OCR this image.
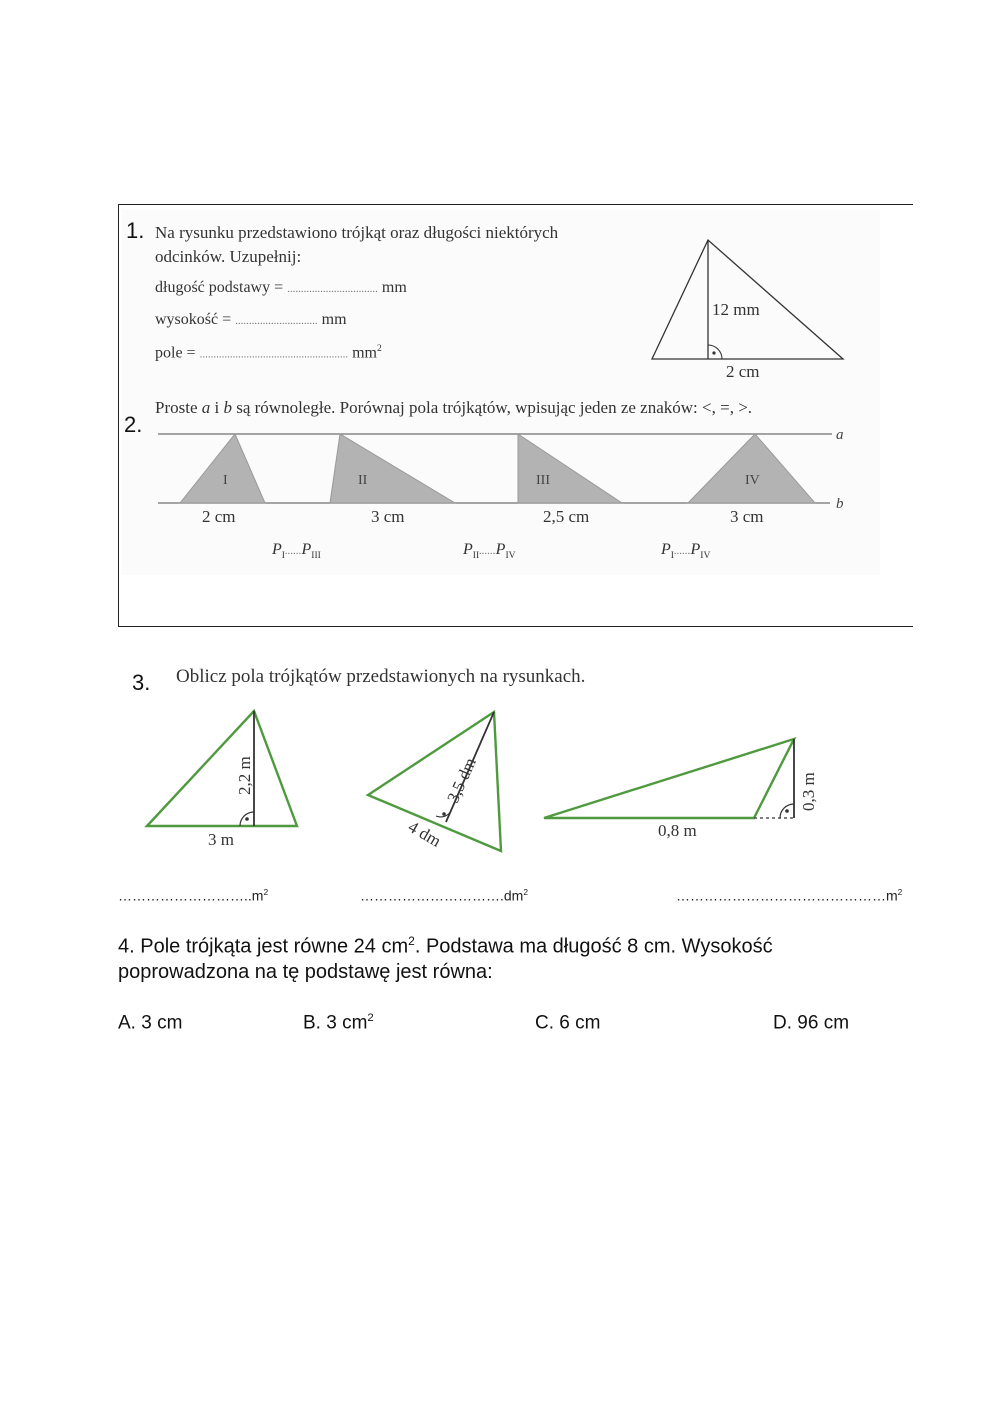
1. Na rysunku przedstawiono trójkąt oraz długości niektórych
odcinków. Uzupełnij:
długość podstawy = ................................. mm
wysokość = .............................. mm
pole = ...................................................... $mm^2$
12 mm
2 cm
2.
Proste a i b są równoległe. Porównaj pola trójkątów, wpisując jeden ze znaków: <, =, >.
a
b
I	II	III	IV
2 cm	3 cm	2,5 cm	3 cm
$P_I......P_{III}$	$P_{II}......P_{IV}$	$P_I......P_{IV}$
3. Oblicz pola trójkątów przedstawionych na rysunkach.
2,2 m
3 m
3,5 dm
4 dm
0,3 m
0,8 m
$\dots\dots\dots\dots\dots\dots\dots\dots\dots..m^2$	$\dots\dots\dots\dots\dots\dots\dots\dots\dots\dots.dm^2$	$\dots\dots\dots\dots\dots\dots\dots\dots\dots\dots\dots\dots\dots\dots\dots m^2$
4. Pole trójkąta jest równe 24 $cm^2$. Podstawa ma długość 8 cm. Wysokość
poprowadzona na tę podstawę jest równa:
A. 3 cm	B. 3 $cm^2$	C. 6 cm	D. 96 cm
